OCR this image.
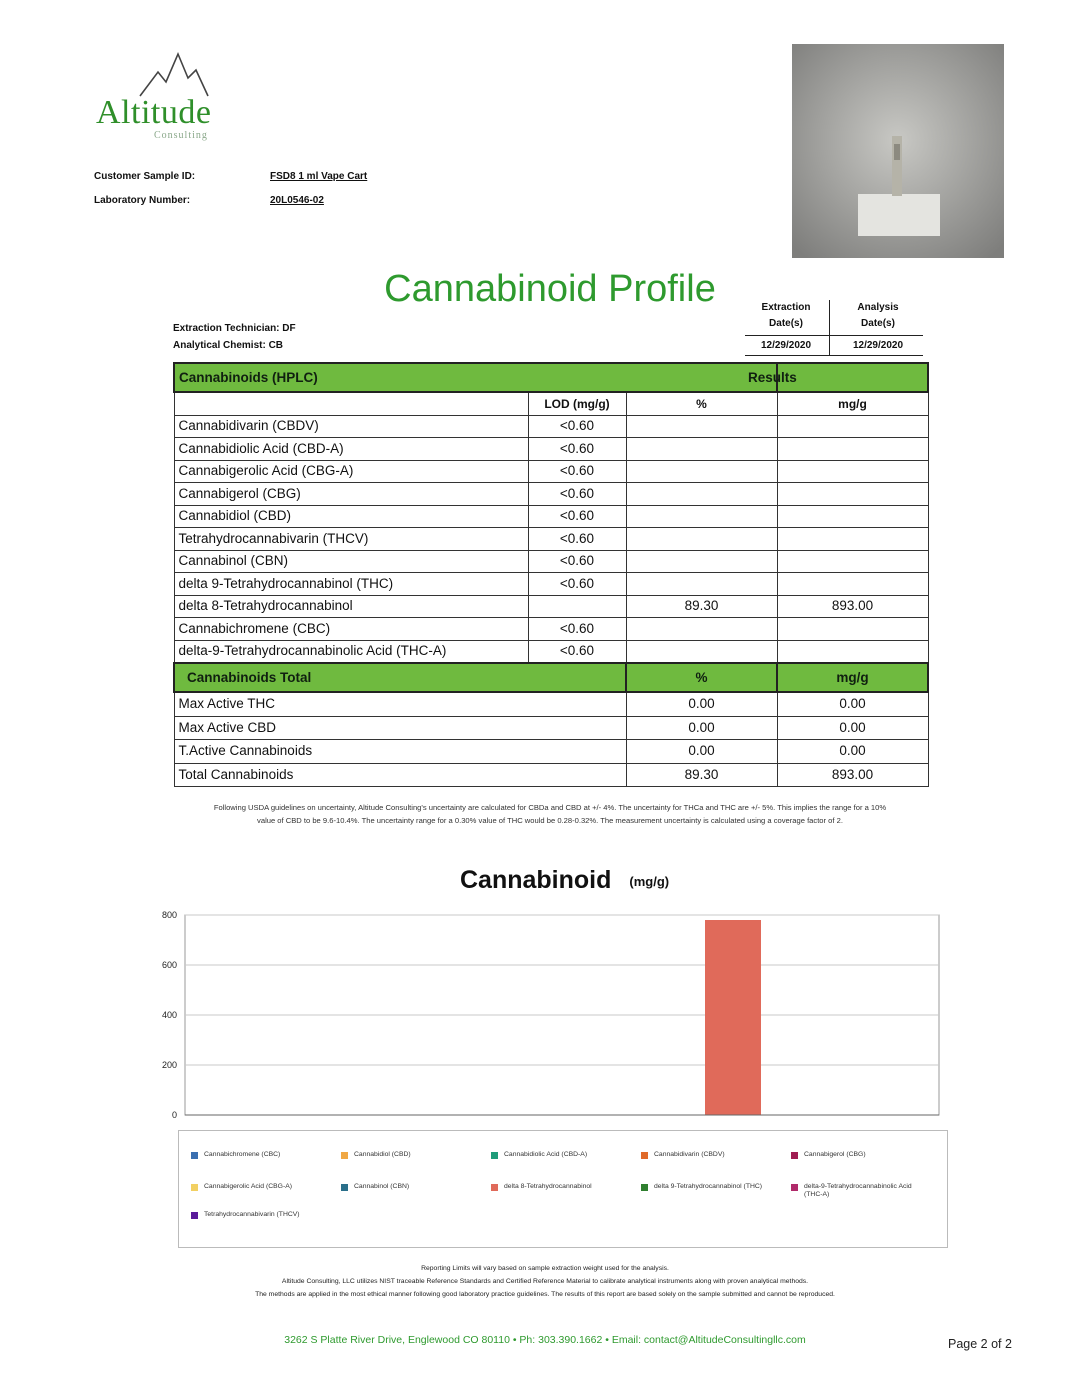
Altitude
Consulting
Customer Sample ID:	FSD8 1 ml Vape Cart
Laboratory Number:	20L0546-02
Cannabinoid Profile
Extraction Technician: DF
Analytical Chemist: CB
Extraction
Date(s)
Analysis
Date(s)
12/29/2020	12/29/2020
Cannabinoids (HPLC)			Results
	LOD (mg/g)	%	mg/g
Cannabidivarin (CBDV)	<0.60		
Cannabidiolic Acid (CBD-A)	<0.60		
Cannabigerolic Acid (CBG-A)	<0.60		
Cannabigerol (CBG)	<0.60		
Cannabidiol (CBD)	<0.60		
Tetrahydrocannabivarin (THCV)	<0.60		
Cannabinol (CBN)	<0.60		
delta 9-Tetrahydrocannabinol (THC)	<0.60		
delta 8-Tetrahydrocannabinol		89.30	893.00
Cannabichromene (CBC)	<0.60		
delta-9-Tetrahydrocannabinolic Acid (THC-A)	<0.60		
Cannabinoids Total		%	mg/g
Max Active THC		0.00	0.00
Max Active CBD		0.00	0.00
T.Active Cannabinoids		0.00	0.00
Total Cannabinoids		89.30	893.00
Following USDA guidelines on uncertainty, Altitude Consulting's uncertainty are calculated for CBDa and CBD at +/- 4%. The uncertainty for THCa and THC are +/- 5%. This implies the range for a 10% value of CBD to be 9.6-10.4%. The uncertainty range for a 0.30% value of THC would be 0.28-0.32%. The measurement uncertainty is calculated using a coverage factor of 2.
Cannabinoid (mg/g)
0
200
400
600
800
Cannabichromene (CBC)	Cannabidiol (CBD)	Cannabidiolic Acid (CBD-A)	Cannabidivarin (CBDV)	Cannabigerol (CBG)
Cannabigerolic Acid (CBG-A)	Cannabinol (CBN)	delta 8-Tetrahydrocannabinol	delta 9-Tetrahydrocannabinol (THC)	delta-9-Tetrahydrocannabinolic Acid (THC-A)
Tetrahydrocannabivarin (THCV)
Reporting Limits will vary based on sample extraction weight used for the analysis.
Altitude Consulting, LLC utilizes NIST traceable Reference Standards and Certified Reference Material to calibrate analytical instruments along with proven analytical methods.
The methods are applied in the most ethical manner following good laboratory practice guidelines. The results of this report are based solely on the sample submitted and cannot be reproduced.
3262 S Platte River Drive, Englewood CO 80110 • Ph: 303.390.1662 • Email: contact@AltitudeConsultingllc.com	Page 2 of 2
